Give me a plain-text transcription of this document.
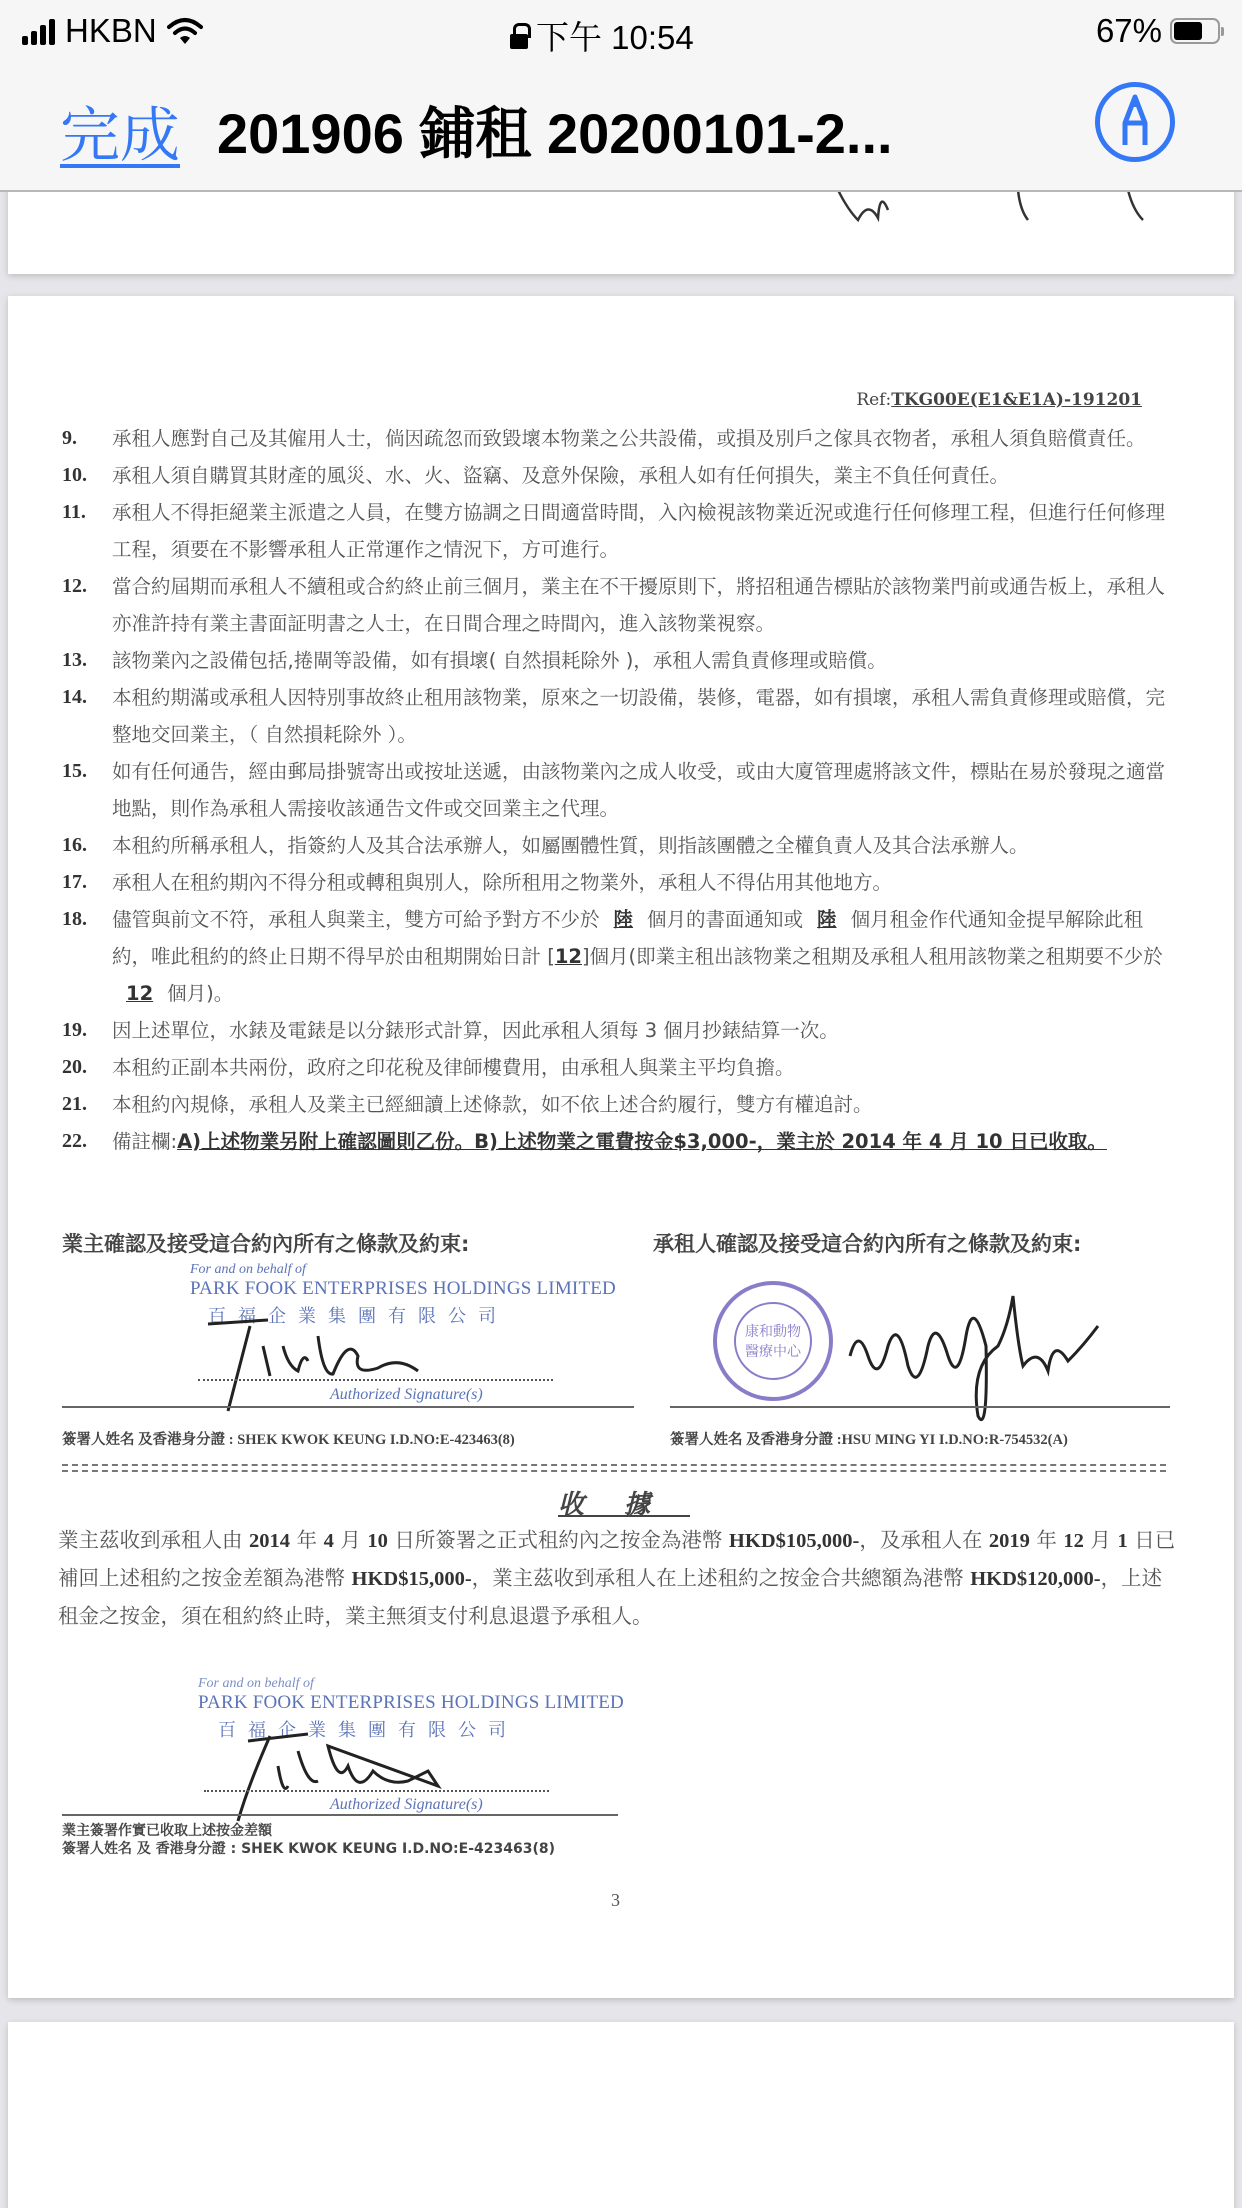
HKBN	下午 10:54	67%
完成 201906 鋪租 20200101-2...
Ref:TKG00E(E1&E1A)-191201
9.	承租人應對自己及其僱用人士，倘因疏忽而致毀壞本物業之公共設備，或損及別戶之傢具衣物者，承租人須負賠償責任。
10.	承租人須自購買其財產的風災、水、火、盜竊、及意外保險，承租人如有任何損失，業主不負任何責任。
11.	承租人不得拒絕業主派遣之人員，在雙方協調之日間適當時間，入內檢視該物業近況或進行任何修理工程，但進行任何修理工程，須要在不影響承租人正常運作之情況下，方可進行。
12.	當合約屆期而承租人不續租或合約終止前三個月，業主在不干擾原則下，將招租通告標貼於該物業門前或通告板上，承租人亦准許持有業主書面証明書之人士，在日間合理之時間內，進入該物業視察。
13.	該物業內之設備包括,捲閘等設備，如有損壞( 自然損耗除外 )，承租人需負責修理或賠償。
14.	本租約期滿或承租人因特別事故終止租用該物業，原來之一切設備，裝修，電器，如有損壞，承租人需負責修理或賠償，完整地交回業主，（ 自然損耗除外 ）。
15.	如有任何通告，經由郵局掛號寄出或按址送遞，由該物業內之成人收受，或由大廈管理處將該文件，標貼在易於發現之適當地點，則作為承租人需接收該通告文件或交回業主之代理。
16.	本租約所稱承租人，指簽約人及其合法承辦人，如屬團體性質，則指該團體之全權負責人及其合法承辦人。
17.	承租人在租約期內不得分租或轉租與別人，除所租用之物業外，承租人不得佔用其他地方。
18.	儘管與前文不符，承租人與業主，雙方可給予對方不少於 陸 個月的書面通知或 陸 個月租金作代通知金提早解除此租約，唯此租約的終止日期不得早於由租期開始日計 [12]個月(即業主租出該物業之租期及承租人租用該物業之租期要不少於12 個月)。
19.	因上述單位，水錶及電錶是以分錶形式計算，因此承租人須每 3 個月抄錶結算一次。
20.	本租約正副本共兩份，政府之印花稅及律師樓費用，由承租人與業主平均負擔。
21.	本租約內規條，承租人及業主已經細讀上述條款，如不依上述合約履行，雙方有權追討。
22.	備註欄:A)上述物業另附上確認圖則乙份。B)上述物業之電費按金$3,000-，業主於 2014 年 4 月 10 日已收取。
業主確認及接受這合約內所有之條款及約束:
For and on behalf of
PARK FOOK ENTERPRISES HOLDINGS LIMITED
百福企業集團有限公司
Authorized Signature(s)
簽署人姓名 及香港身分證 : SHEK KWOK KEUNG I.D.NO:E-423463(8)
承租人確認及接受這合約內所有之條款及約束:
康和動物
醫療中心
簽署人姓名 及香港身分證 :HSU MING YI I.D.NO:R-754532(A)
收據
業主茲收到承租人由 2014 年 4 月 10 日所簽署之正式租約內之按金為港幣 HKD$105,000-，及承租人在 2019 年 12 月 1 日已補回上述租約之按金差額為港幣 HKD$15,000-，業主茲收到承租人在上述租約之按金合共總額為港幣 HKD$120,000-，上述租金之按金，須在租約終止時，業主無須支付利息退還予承租人。
For and on behalf of
PARK FOOK ENTERPRISES HOLDINGS LIMITED
百福企業集團有限公司
Authorized Signature(s)
業主簽署作實已收取上述按金差額
簽署人姓名 及 香港身分證 : SHEK KWOK KEUNG I.D.NO:E-423463(8)
3
